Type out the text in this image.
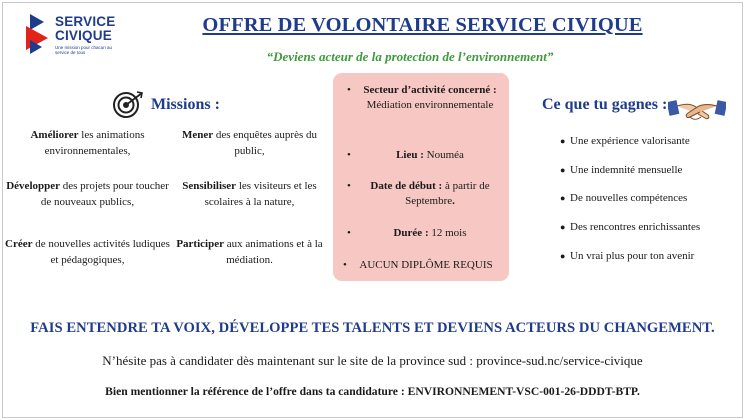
SERVICE
CIVIQUE
Une mission pour chacun au service de tous
OFFRE DE VOLONTAIRE SERVICE CIVIQUE
“Deviens acteur de la protection de l’environnement”
Missions :
Améliorer les animations environnementales,
Mener des enquêtes auprès du public,
Développer des projets pour toucher de nouveaux publics,
Sensibiliser les visiteurs et les scolaires à la nature,
Créer de nouvelles activités ludiques et pédagogiques,
Participer aux animations et à la médiation.
•	Secteur d’activité concerné : Médiation environnementale
•	Lieu : Nouméa
•	Date de début : à partir de Septembre.
•	Durée : 12 mois
•	AUCUN DIPLÔME REQUIS
Ce que tu gagnes :
● Une expérience valorisante
● Une indemnité mensuelle
● De nouvelles compétences
● Des rencontres enrichissantes
● Un vrai plus pour ton avenir
FAIS ENTENDRE TA VOIX, DÉVELOPPE TES TALENTS ET DEVIENS ACTEURS DU CHANGEMENT.
N’hésite pas à candidater dès maintenant sur le site de la province sud : province-sud.nc/service-civique
Bien mentionner la référence de l’offre dans ta candidature : ENVIRONNEMENT-VSC-001-26-DDDT-BTP.
